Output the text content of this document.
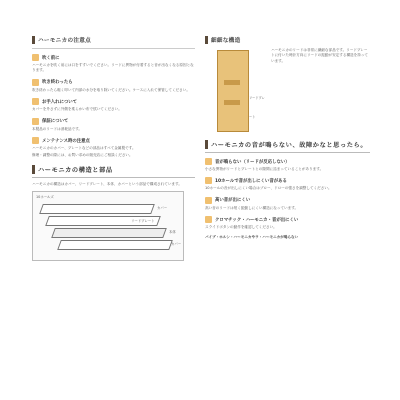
ハーモニカの注意点
吹く前に

ハーモニカを吹く前には口をすすいでください。リードに異物が付着すると音が出なくなる原因となります。

吹き終わったら

吹き終わったら軽く叩いて内部の水分を取り除いてください。ケースに入れて保管してください。

お手入れについて

カバーを外さずに外側を柔らかい布で拭いてください。

保証について

本製品のリードは消耗品です。

メンテナンス時の注意点

ハーモニカのカバー、プレートなどの部品はすべて金属製です。

修理・調整の際には、お買い求めの販売店にご相談ください。

ハーモニカの構造と部品

ハーモニカの構造はカバー、リードプレート、本体、カバーという部品で構成されています。

10ホールズ
カバー
リードプレート
本体
カバー
細細な構造
リードプレート

ハーモニカのリードは非常に繊細な部品です。リードプレートに付いた時計方向にリードの振動が安定する構造を持っています。

ハーモニカの音が鳴らない、故障かなと思ったら。
音が鳴らない（リードが反応しない）

小さな異物がリードとプレートとの隙間に詰まっていることがあります。

10ホールで音が出しにくい音がある

10ホールの音が出しにくい場合はブロー、ドローの強さを調整してください。

高い音が出にくい

高い音のリードは短く振動しにくい構造になっています。

クロマチック・ハーモニカ・音が出にくい

スライドボタンの動作を確認してください。

バイブ・ホルン・ハーモニカやウ・ハーモニカが鳴らない
